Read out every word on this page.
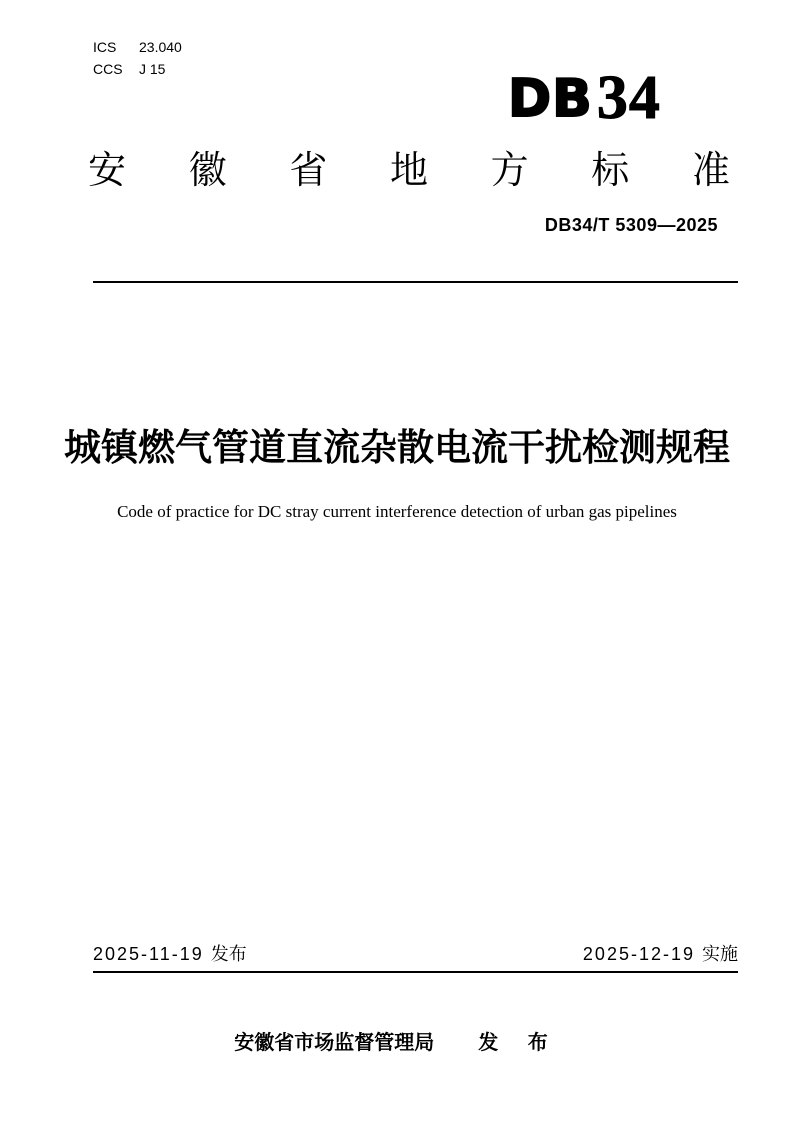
ICS 23.040
CCS J 15	DB 34
安 徽 省 地 方 标 准
DB34/T 5309—2025
城镇燃气管道直流杂散电流干扰检测规程
Code of practice for DC stray current interference detection of urban gas pipelines
2025-11-19 发布	2025-12-19 实施
安徽省市场监督管理局 发 布
